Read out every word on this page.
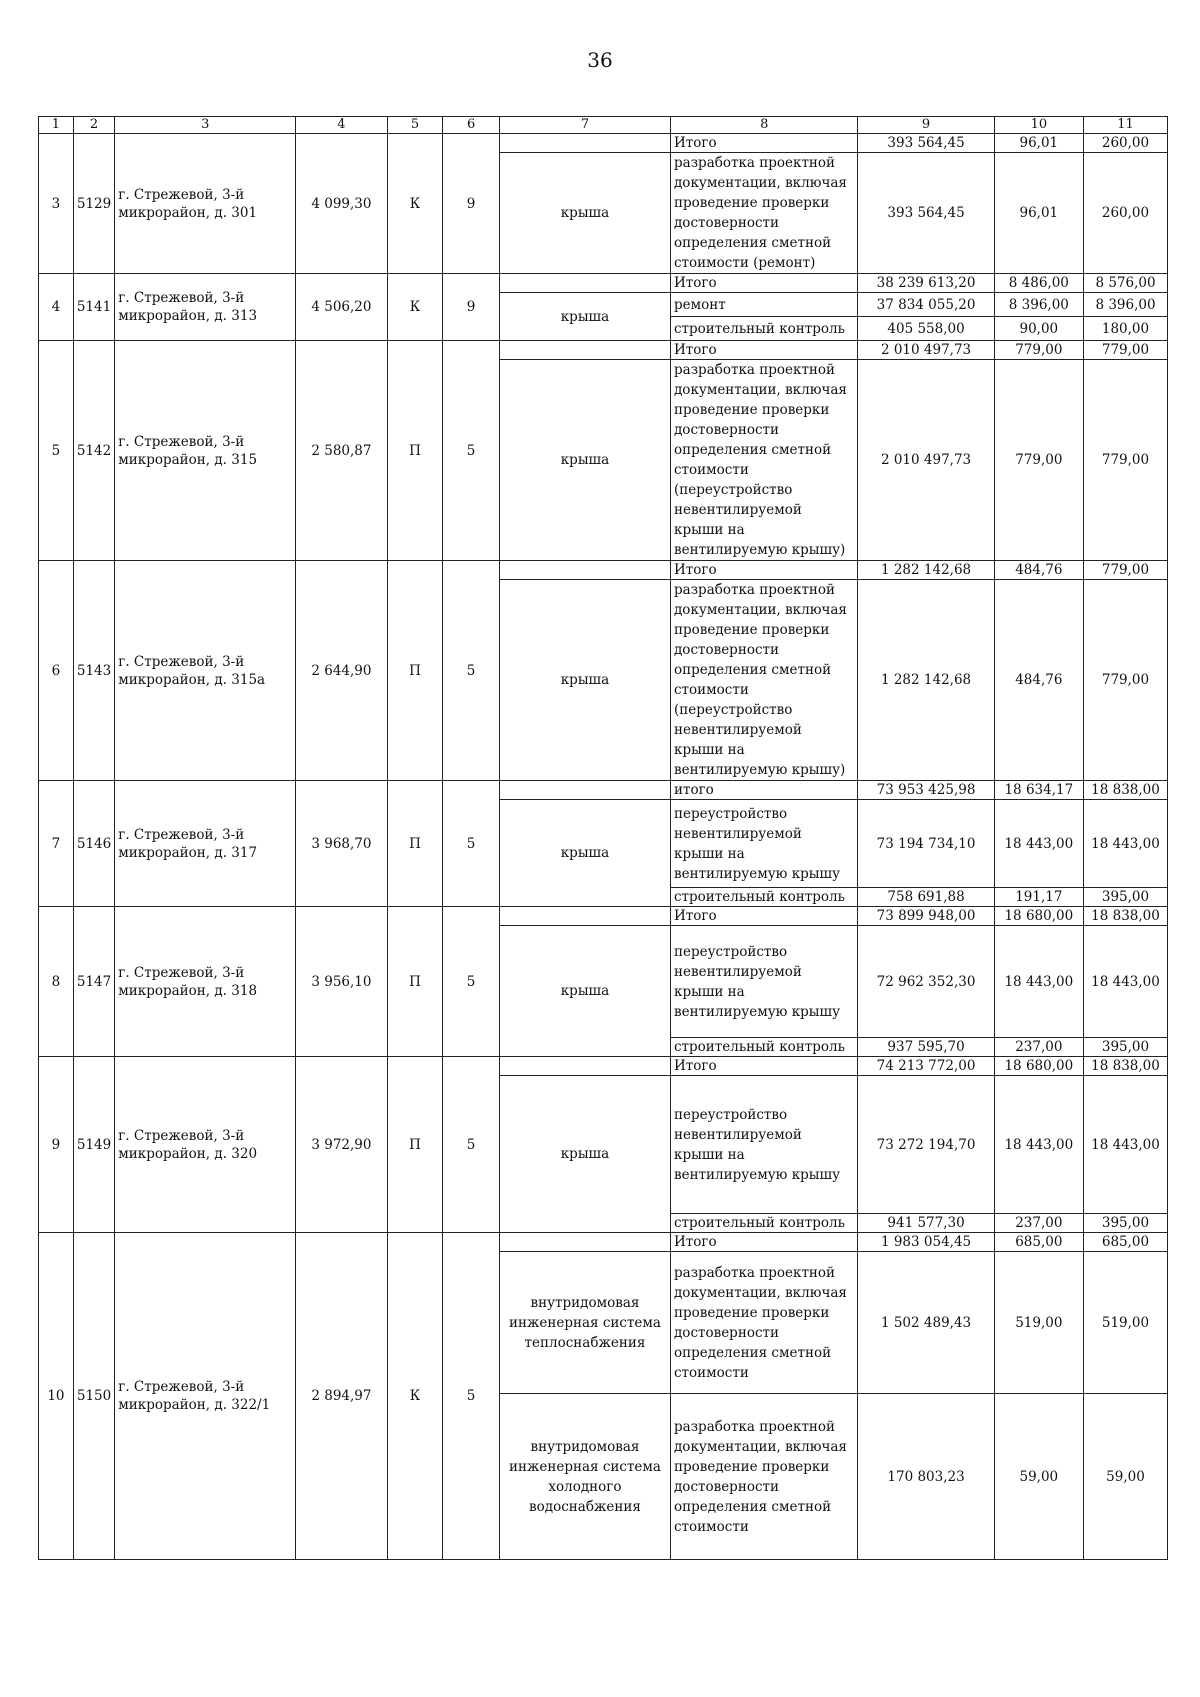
36
1	2	3	4	5	6	7	8	9	10	11
3	5129	г. Стрежевой, 3-й микрорайон, д. 301	4 099,30	К	9		Итого	393 564,45	96,01	260,00
						крыша	разработка проектной документации, включая проведение проверки достоверности определения сметной стоимости (ремонт)	393 564,45	96,01	260,00
4	5141	г. Стрежевой, 3-й микрорайон, д. 313	4 506,20	К	9		Итого	38 239 613,20	8 486,00	8 576,00
						крыша	ремонт	37 834 055,20	8 396,00	8 396,00
							строительный контроль	405 558,00	90,00	180,00
5	5142	г. Стрежевой, 3-й микрорайон, д. 315	2 580,87	П	5		Итого	2 010 497,73	779,00	779,00
						крыша	разработка проектной документации, включая проведение проверки достоверности определения сметной стоимости (переустройство невентилируемой крыши на вентилируемую крышу)	2 010 497,73	779,00	779,00
6	5143	г. Стрежевой, 3-й микрорайон, д. 315а	2 644,90	П	5		Итого	1 282 142,68	484,76	779,00
						крыша	разработка проектной документации, включая проведение проверки достоверности определения сметной стоимости (переустройство невентилируемой крыши на вентилируемую крышу)	1 282 142,68	484,76	779,00
7	5146	г. Стрежевой, 3-й микрорайон, д. 317	3 968,70	П	5		итого	73 953 425,98	18 634,17	18 838,00
						крыша	переустройство невентилируемой крыши на вентилируемую крышу	73 194 734,10	18 443,00	18 443,00
							строительный контроль	758 691,88	191,17	395,00
8	5147	г. Стрежевой, 3-й микрорайон, д. 318	3 956,10	П	5		Итого	73 899 948,00	18 680,00	18 838,00
						крыша	переустройство невентилируемой крыши на вентилируемую крышу	72 962 352,30	18 443,00	18 443,00
							строительный контроль	937 595,70	237,00	395,00
9	5149	г. Стрежевой, 3-й микрорайон, д. 320	3 972,90	П	5		Итого	74 213 772,00	18 680,00	18 838,00
						крыша	переустройство невентилируемой крыши на вентилируемую крышу	73 272 194,70	18 443,00	18 443,00
							строительный контроль	941 577,30	237,00	395,00
10	5150	г. Стрежевой, 3-й микрорайон, д. 322/1	2 894,97	К	5		Итого	1 983 054,45	685,00	685,00
						внутридомовая инженерная система теплоснабжения	разработка проектной документации, включая проведение проверки достоверности определения сметной стоимости	1 502 489,43	519,00	519,00
						внутридомовая инженерная система холодного водоснабжения	разработка проектной документации, включая проведение проверки достоверности определения сметной стоимости	170 803,23	59,00	59,00
